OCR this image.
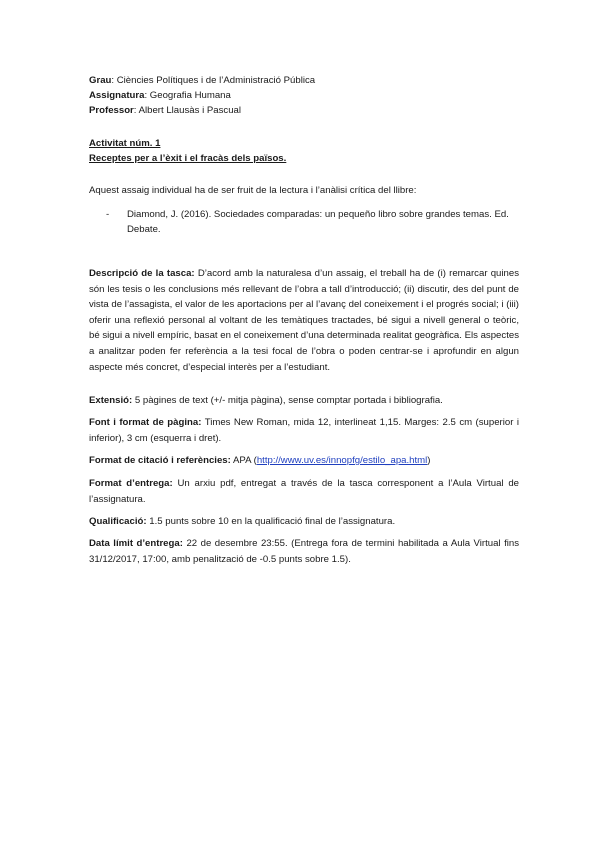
Grau: Ciències Polítiques i de l’Administració Pública
Assignatura: Geografia Humana
Professor: Albert Llausàs i Pascual
Activitat núm. 1
Receptes per a l’èxit i el fracàs dels països.
Aquest assaig individual ha de ser fruit de la lectura i l’anàlisi crítica del llibre:
-	Diamond, J. (2016). Sociedades comparadas: un pequeño libro sobre grandes temas. Ed. Debate.
Descripció de la tasca: D’acord amb la naturalesa d’un assaig, el treball ha de (i) remarcar quines són les tesis o les conclusions més rellevant de l’obra a tall d’introducció; (ii) discutir, des del punt de vista de l’assagista, el valor de les aportacions per al l’avanç del coneixement i el progrés social; i (iii) oferir una reflexió personal al voltant de les temàtiques tractades, bé sigui a nivell general o teòric, bé sigui a nivell empíric, basat en el coneixement d’una determinada realitat geogràfica. Els aspectes a analitzar poden fer referència a la tesi focal de l’obra o poden centrar-se i aprofundir en algun aspecte més concret, d’especial interès per a l’estudiant.
Extensió: 5 pàgines de text (+/- mitja pàgina), sense comptar portada i bibliografia.
Font i format de pàgina: Times New Roman, mida 12, interlineat 1,15. Marges: 2.5 cm (superior i inferior), 3 cm (esquerra i dret).
Format de citació i referències: APA (http://www.uv.es/innopfg/estilo_apa.html)
Format d’entrega: Un arxiu pdf, entregat a través de la tasca corresponent a l’Aula Virtual de l’assignatura.
Qualificació: 1.5 punts sobre 10 en la qualificació final de l’assignatura.
Data límit d’entrega: 22 de desembre 23:55. (Entrega fora de termini habilitada a Aula Virtual fins 31/12/2017, 17:00, amb penalització de -0.5 punts sobre 1.5).
